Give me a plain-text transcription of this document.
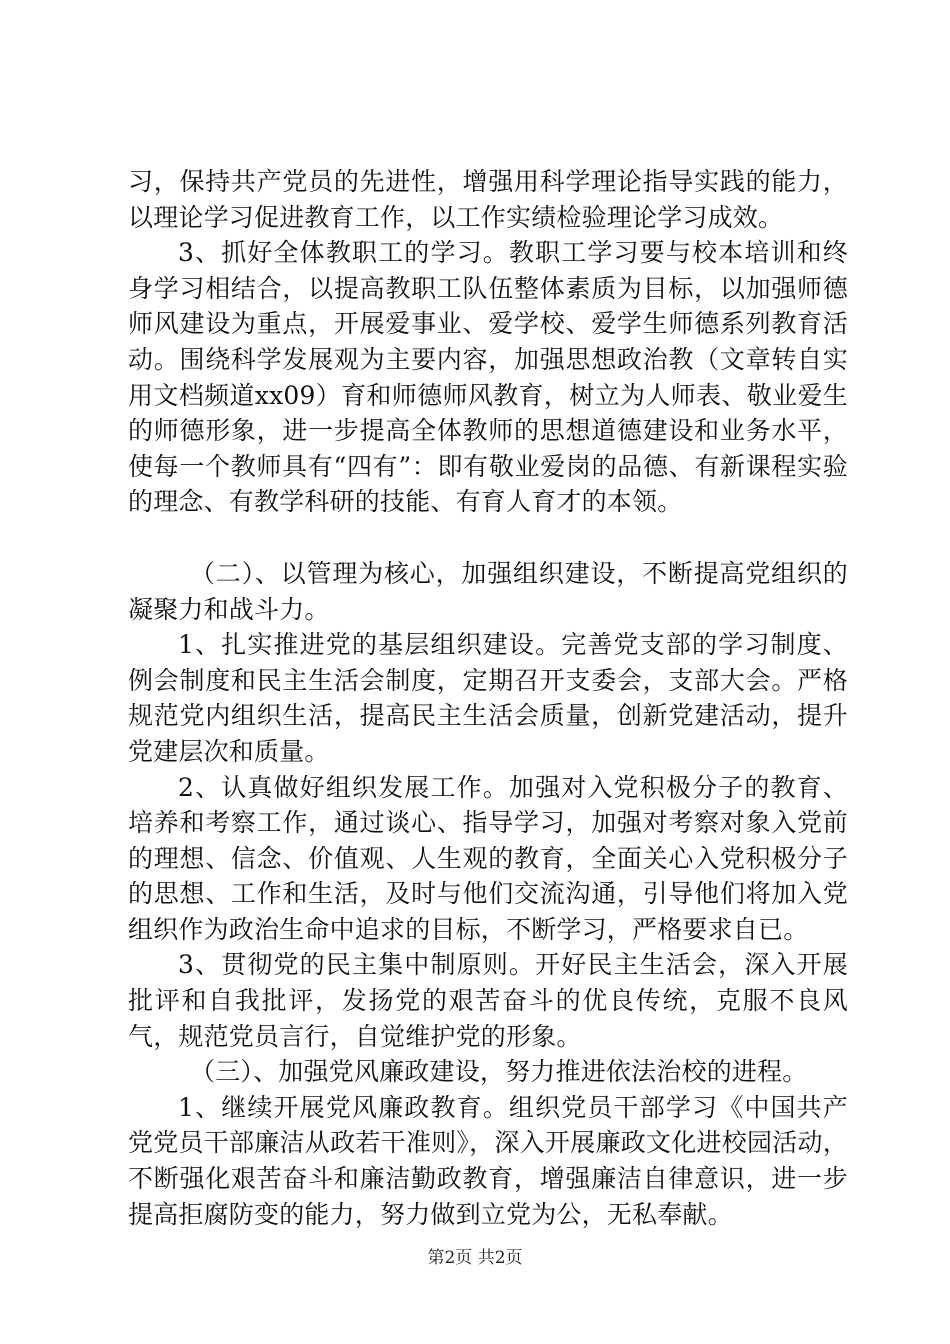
习，保持共产党员的先进性，增强用科学理论指导实践的能力，以理论学习促进教育工作，以工作实绩检验理论学习成效。

3、抓好全体教职工的学习。教职工学习要与校本培训和终身学习相结合，以提高教职工队伍整体素质为目标，以加强师德师风建设为重点，开展爱事业、爱学校、爱学生师德系列教育活动。围绕科学发展观为主要内容，加强思想政治教（文章转自实用文档频道xx09）育和师德师风教育，树立为人师表、敬业爱生的师德形象，进一步提高全体教师的思想道德建设和业务水平，使每一个教师具有“四有”：即有敬业爱岗的品德、有新课程实验的理念、有教学科研的技能、有育人育才的本领。

（二）、以管理为核心，加强组织建设，不断提高党组织的凝聚力和战斗力。

1、扎实推进党的基层组织建设。完善党支部的学习制度、例会制度和民主生活会制度，定期召开支委会，支部大会。严格规范党内组织生活，提高民主生活会质量，创新党建活动，提升党建层次和质量。

2、认真做好组织发展工作。加强对入党积极分子的教育、培养和考察工作，通过谈心、指导学习，加强对考察对象入党前的理想、信念、价值观、人生观的教育，全面关心入党积极分子的思想、工作和生活，及时与他们交流沟通，引导他们将加入党组织作为政治生命中追求的目标，不断学习，严格要求自已。

3、贯彻党的民主集中制原则。开好民主生活会，深入开展批评和自我批评，发扬党的艰苦奋斗的优良传统，克服不良风气，规范党员言行，自觉维护党的形象。

（三）、加强党风廉政建设，努力推进依法治校的进程。

1、继续开展党风廉政教育。组织党员干部学习《中国共产党党员干部廉洁从政若干准则》，深入开展廉政文化进校园活动，不断强化艰苦奋斗和廉洁勤政教育，增强廉洁自律意识，进一步提高拒腐防变的能力，努力做到立党为公，无私奉献。

第2页 共2页
